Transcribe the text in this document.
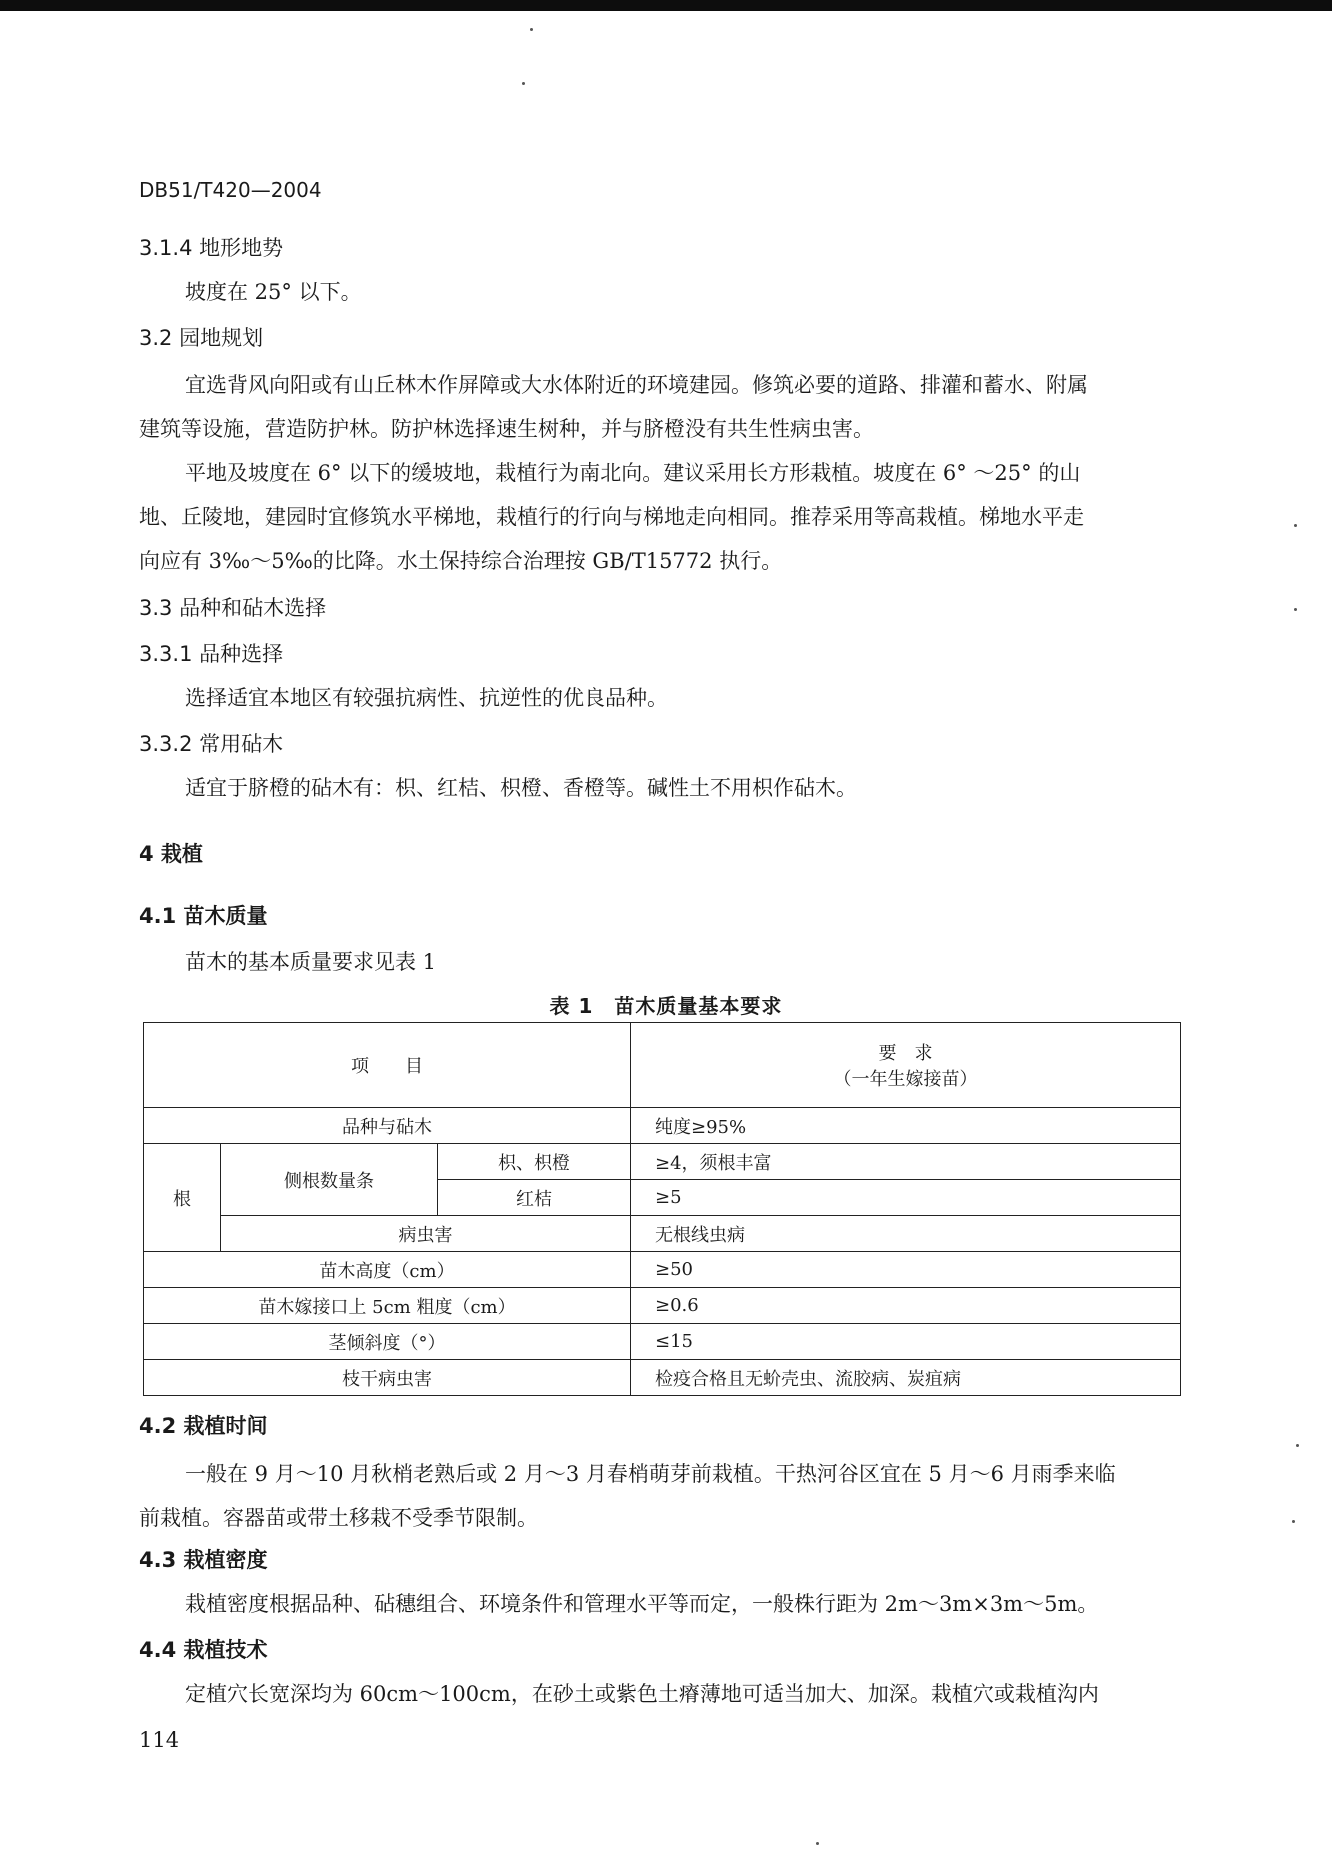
DB51/T420—2004
3.1.4 地形地势
坡度在 25° 以下。
3.2 园地规划
宜选背风向阳或有山丘林木作屏障或大水体附近的环境建园。修筑必要的道路、排灌和蓄水、附属
建筑等设施，营造防护林。防护林选择速生树种，并与脐橙没有共生性病虫害。
平地及坡度在 6° 以下的缓坡地，栽植行为南北向。建议采用长方形栽植。坡度在 6° ～25° 的山
地、丘陵地，建园时宜修筑水平梯地，栽植行的行向与梯地走向相同。推荐采用等高栽植。梯地水平走
向应有 3‰～5‰的比降。水土保持综合治理按 GB/T15772 执行。
3.3 品种和砧木选择
3.3.1 品种选择
选择适宜本地区有较强抗病性、抗逆性的优良品种。
3.3.2 常用砧木
适宜于脐橙的砧木有：枳、红桔、枳橙、香橙等。碱性土不用枳作砧木。
4 栽植
4.1 苗木质量
苗木的基本质量要求见表 1
表 1　苗木质量基本要求
项　　目			要　求
（一年生嫁接苗）

品种与砧木			纯度≥95%
根	侧根数量条	枳、枳橙	≥4，须根丰富
		红桔	≥5
	病虫害		无根线虫病
苗木高度（cm）			≥50
苗木嫁接口上 5cm 粗度（cm）			≥0.6
茎倾斜度（°）			≤15
枝干病虫害			检疫合格且无蚧壳虫、流胶病、炭疽病
4.2 栽植时间
一般在 9 月～10 月秋梢老熟后或 2 月～3 月春梢萌芽前栽植。干热河谷区宜在 5 月～6 月雨季来临
前栽植。容器苗或带土移栽不受季节限制。
4.3 栽植密度
栽植密度根据品种、砧穗组合、环境条件和管理水平等而定，一般株行距为 2m～3m×3m～5m。
4.4 栽植技术
定植穴长宽深均为 60cm～100cm，在砂土或紫色土瘠薄地可适当加大、加深。栽植穴或栽植沟内
114
